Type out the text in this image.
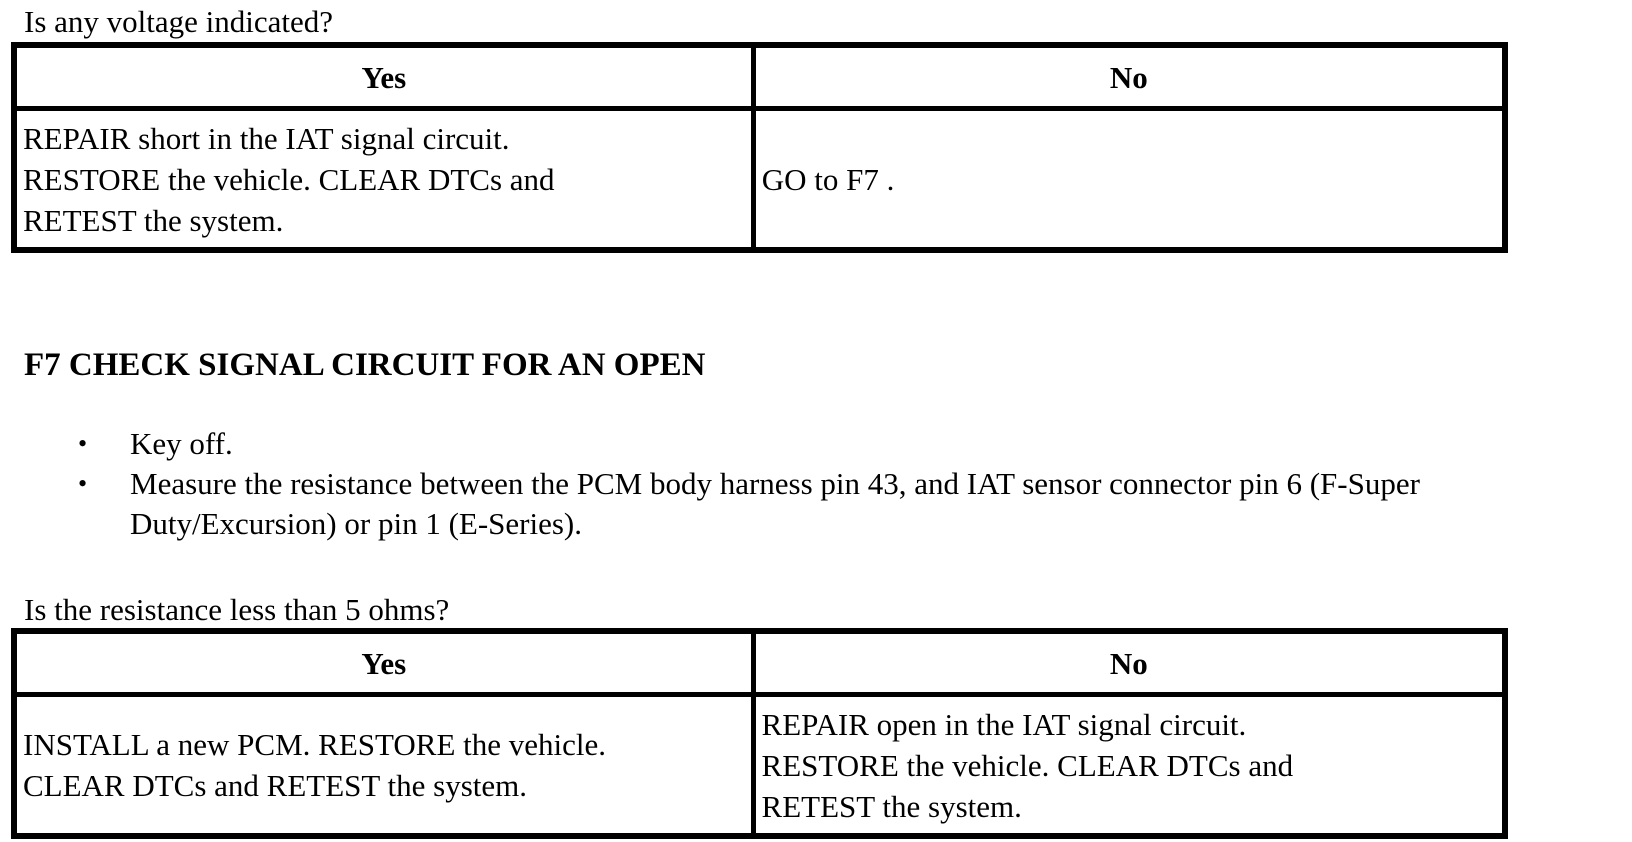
Is any voltage indicated?
Yes	No

REPAIR short in the IAT signal circuit.
RESTORE the vehicle. CLEAR DTCs and
RETEST the system.	GO to F7 .
F7 CHECK SIGNAL CIRCUIT FOR AN OPEN
• Key off.
• Measure the resistance between the PCM body harness pin 43, and IAT sensor connector pin 6 (F-Super Duty/Excursion) or pin 1 (E-Series).
Is the resistance less than 5 ohms?
Yes	No

INSTALL a new PCM. RESTORE the vehicle.
CLEAR DTCs and RETEST the system.	REPAIR open in the IAT signal circuit.
RESTORE the vehicle. CLEAR DTCs and
RETEST the system.
